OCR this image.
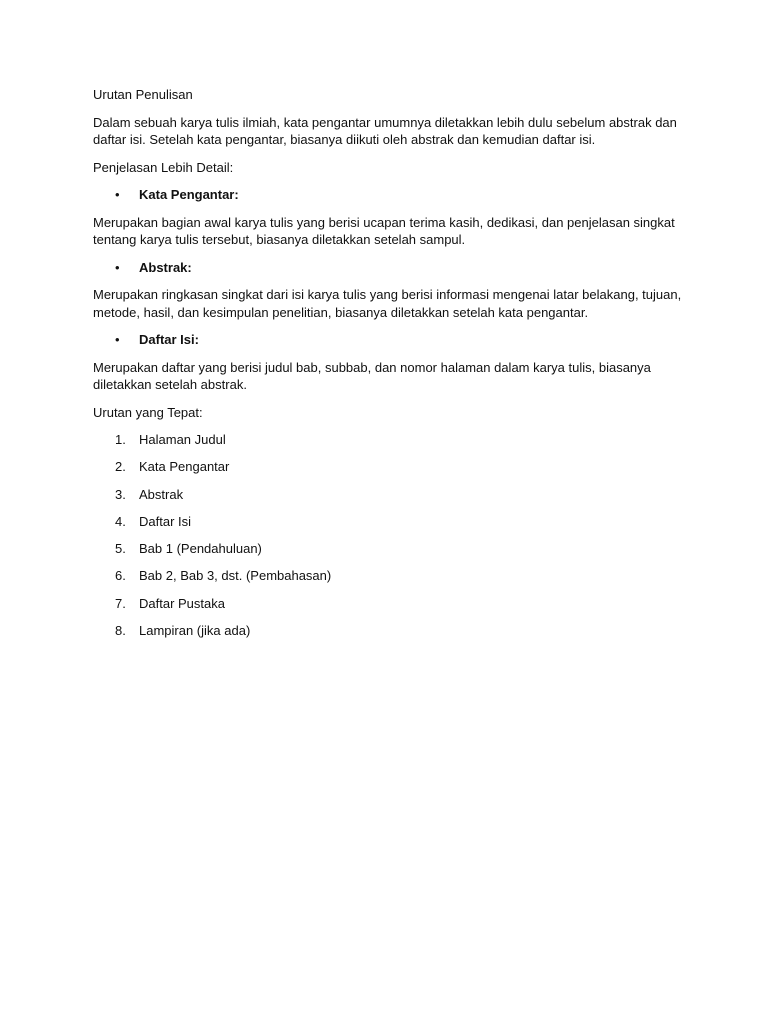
Urutan Penulisan

Dalam sebuah karya tulis ilmiah, kata pengantar umumnya diletakkan lebih dulu sebelum abstrak dan daftar isi. Setelah kata pengantar, biasanya diikuti oleh abstrak dan kemudian daftar isi.

Penjelasan Lebih Detail:

• Kata Pengantar:

Merupakan bagian awal karya tulis yang berisi ucapan terima kasih, dedikasi, dan penjelasan singkat tentang karya tulis tersebut, biasanya diletakkan setelah sampul.

• Abstrak:

Merupakan ringkasan singkat dari isi karya tulis yang berisi informasi mengenai latar belakang, tujuan, metode, hasil, dan kesimpulan penelitian, biasanya diletakkan setelah kata pengantar.

• Daftar Isi:

Merupakan daftar yang berisi judul bab, subbab, dan nomor halaman dalam karya tulis, biasanya diletakkan setelah abstrak.

Urutan yang Tepat:

1. Halaman Judul
2. Kata Pengantar
3. Abstrak
4. Daftar Isi
5. Bab 1 (Pendahuluan)
6. Bab 2, Bab 3, dst. (Pembahasan)
7. Daftar Pustaka
8. Lampiran (jika ada)
